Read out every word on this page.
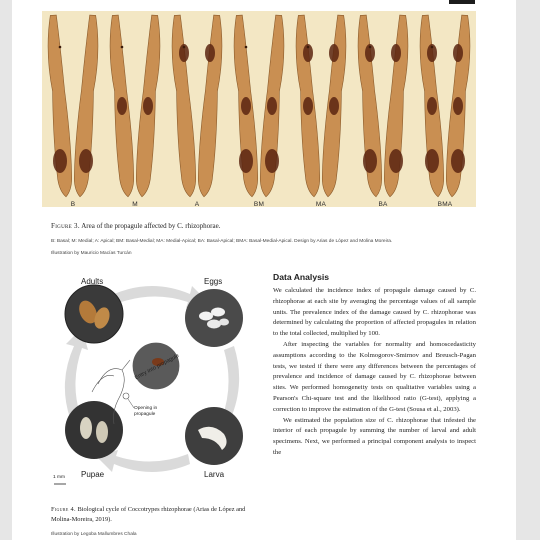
B	M	A	BM	MA	BA	BMA
Figure 3. Area of the propagule affected by C. rhizophorae.
B: Basal; M: Medial; A: Apical; BM: Basal-Medial; MA: Medial-Apical; BA: Basal-Apical; BMA: Basal-Medial-Apical. Design by Arias de López and Molina Moreira.
Illustration by Mauricio Macías Turcán
Adults	Eggs
Larva
Pupae
Entry into propagule
Opening in propagule
1 mm
Figure 4. Biological cycle of Coccotrypes rhizophorae (Arias de López and Molina-Moreira, 2019).
Illustration by Legoba Mallumbres Chala
Data Analysis

We calculated the incidence index of propagule damage caused by C. rhizophorae at each site by averaging the percentage values of all sample units. The prevalence index of the damage caused by C. rhizophorae was determined by calculating the proportion of affected propagules in relation to the total collected, multiplied by 100.

After inspecting the variables for normality and homoscedasticity assumptions according to the Kolmogorov-Smirnov and Breusch-Pagan tests, we tested if there were any differences between the percentages of prevalence and incidence of damage caused by C. rhizophorae between sites. We performed homogeneity tests on qualitative variables using a Pearson's Chi-square test and the likelihood ratio (G-test), applying a correction to improve the estimation of the G-test (Sousa et al., 2003).

We estimated the population size of C. rhizophorae that infested the interior of each propagule by summing the number of larval and adult specimens. Next, we performed a principal component analysis to inspect the
